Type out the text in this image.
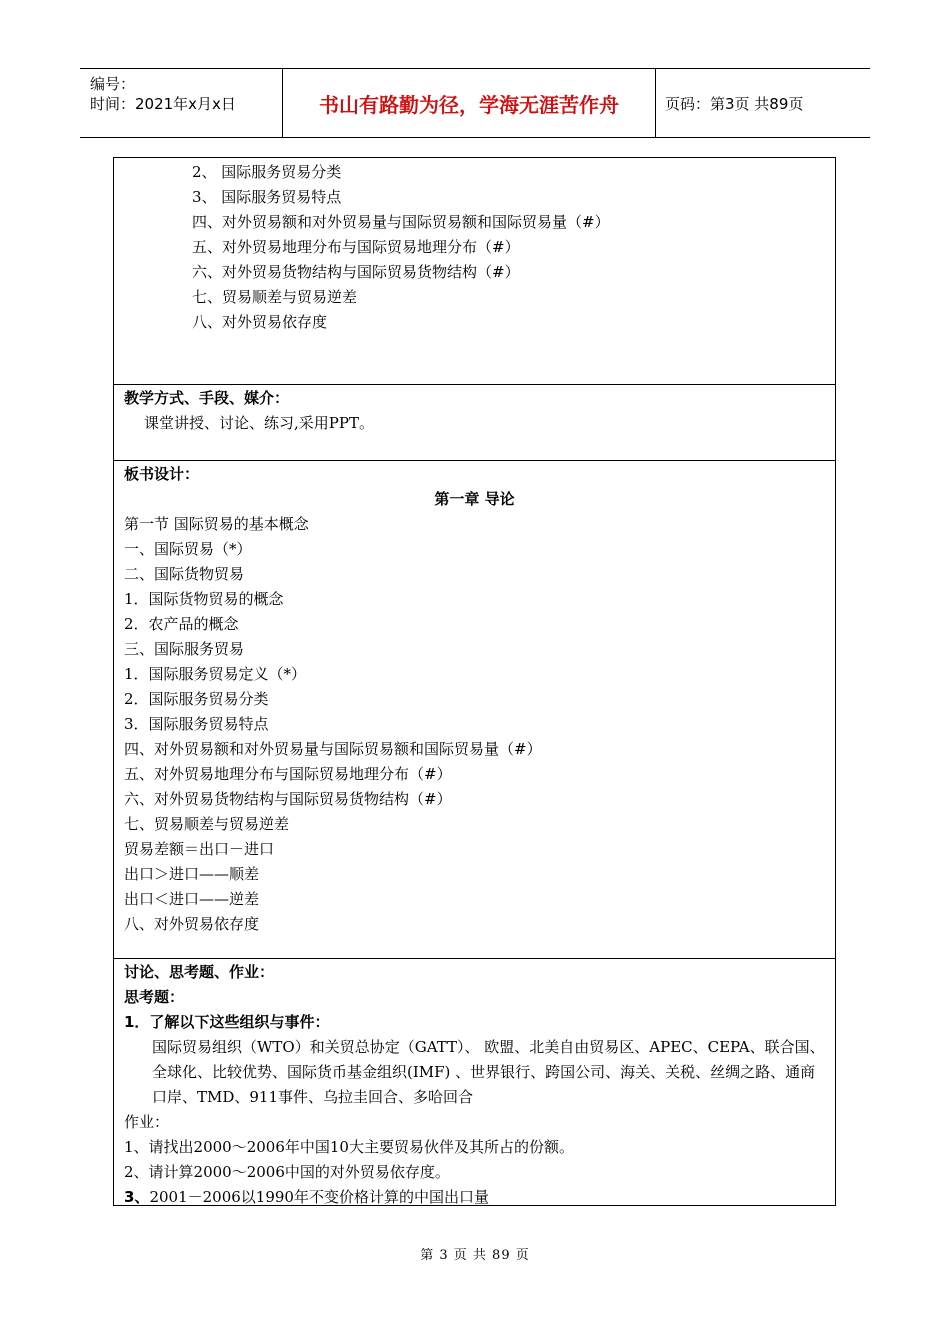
编号：
时间：2021年x月x日	书山有路勤为径，学海无涯苦作舟	页码：第3页 共89页
2、 国际服务贸易分类
3、 国际服务贸易特点
四、对外贸易额和对外贸易量与国际贸易额和国际贸易量（#）
五、对外贸易地理分布与国际贸易地理分布（#）
六、对外贸易货物结构与国际贸易货物结构（#）
七、贸易顺差与贸易逆差
八、对外贸易依存度
教学方式、手段、媒介：
课堂讲授、讨论、练习,采用PPT。
板书设计：
第一章 导论
第一节 国际贸易的基本概念
一、国际贸易（*）
二、国际货物贸易
1．国际货物贸易的概念
2．农产品的概念
三、国际服务贸易
1．国际服务贸易定义（*）
2．国际服务贸易分类
3．国际服务贸易特点
四、对外贸易额和对外贸易量与国际贸易额和国际贸易量（#）
五、对外贸易地理分布与国际贸易地理分布（#）
六、对外贸易货物结构与国际贸易货物结构（#）
七、贸易顺差与贸易逆差
贸易差额＝出口－进口
出口＞进口——顺差
出口＜进口——逆差
八、对外贸易依存度
讨论、思考题、作业：
思考题：
1．了解以下这些组织与事件：
国际贸易组织（WTO）和关贸总协定（GATT）、 欧盟、北美自由贸易区、APEC、CEPA、联合国、全球化、比较优势、国际货币基金组织(IMF) 、世界银行、跨国公司、海关、关税、丝绸之路、通商口岸、TMD、911事件、乌拉圭回合、多哈回合
作业：
1、请找出2000～2006年中国10大主要贸易伙伴及其所占的份额。
2、请计算2000～2006中国的对外贸易依存度。
3、2001－2006以1990年不变价格计算的中国出口量
第 3 页 共 89 页
